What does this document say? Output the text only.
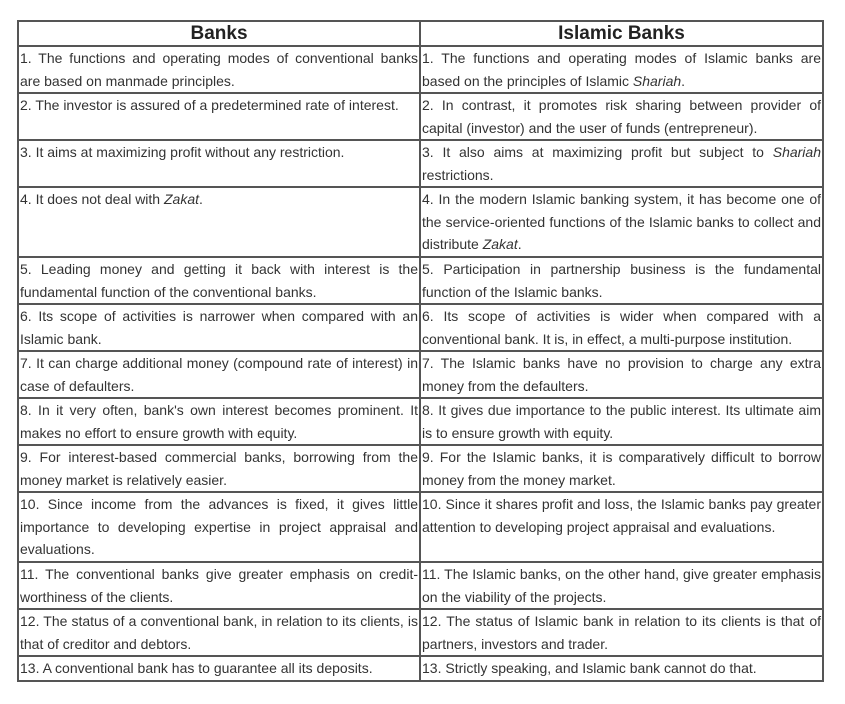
Banks	Islamic Banks
1. The functions and operating modes of conventional banks are based on manmade principles.	1. The functions and operating modes of Islamic banks are based on the principles of Islamic Shariah.
2. The investor is assured of a predetermined rate of interest.	2. In contrast, it promotes risk sharing between provider of capital (investor) and the user of funds (entrepreneur).
3. It aims at maximizing profit without any restriction.	3. It also aims at maximizing profit but subject to Shariah restrictions.
4. It does not deal with Zakat.	4. In the modern Islamic banking system, it has become one of the service-oriented functions of the Islamic banks to collect and distribute Zakat.
5. Leading money and getting it back with interest is the fundamental function of the conventional banks.	5. Participation in partnership business is the fundamental function of the Islamic banks.
6. Its scope of activities is narrower when compared with an Islamic bank.	6. Its scope of activities is wider when compared with a conventional bank. It is, in effect, a multi-purpose institution.
7. It can charge additional money (compound rate of interest) in case of defaulters.	7. The Islamic banks have no provision to charge any extra money from the defaulters.
8. In it very often, bank's own interest becomes prominent. It makes no effort to ensure growth with equity.	8. It gives due importance to the public interest. Its ultimate aim is to ensure growth with equity.
9. For interest-based commercial banks, borrowing from the money market is relatively easier.	9. For the Islamic banks, it is comparatively difficult to borrow money from the money market.
10. Since income from the advances is fixed, it gives little importance to developing expertise in project appraisal and evaluations.	10. Since it shares profit and loss, the Islamic banks pay greater attention to developing project appraisal and evaluations.
11. The conventional banks give greater emphasis on credit-worthiness of the clients.	11. The Islamic banks, on the other hand, give greater emphasis on the viability of the projects.
12. The status of a conventional bank, in relation to its clients, is that of creditor and debtors.	12. The status of Islamic bank in relation to its clients is that of partners, investors and trader.
13. A conventional bank has to guarantee all its deposits.	13. Strictly speaking, and Islamic bank cannot do that.
